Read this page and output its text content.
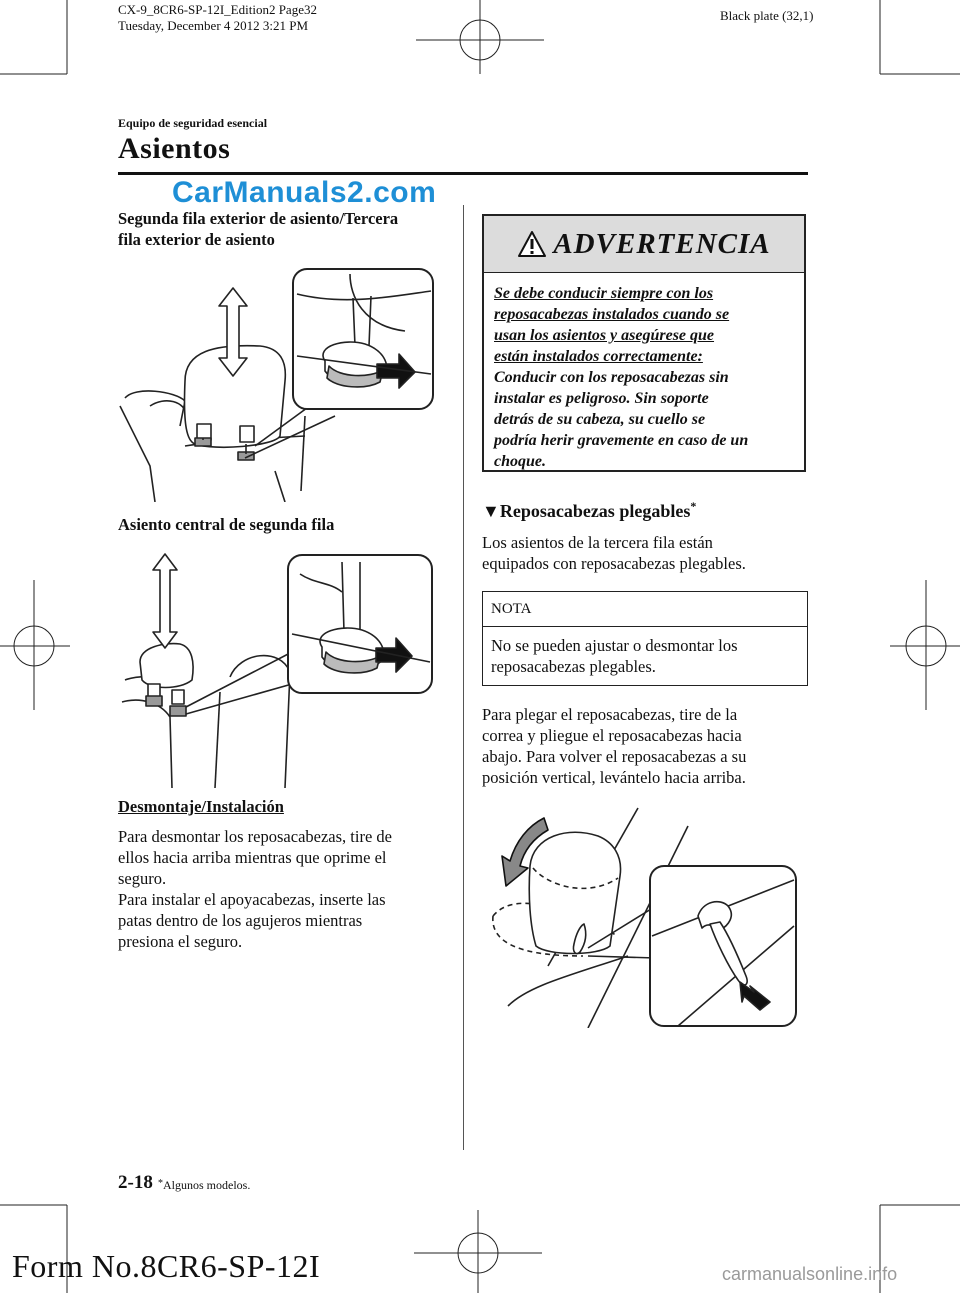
CX-9_8CR6-SP-12I_Edition2 Page32
Tuesday, December 4 2012 3:21 PM
Black plate (32,1)
Equipo de seguridad esencial
Asientos
CarManuals2.com
Segunda fila exterior de asiento/Tercera
fila exterior de asiento
Asiento central de segunda fila
Desmontaje/Instalación
Para desmontar los reposacabezas, tire de
ellos hacia arriba mientras que oprime el
seguro.
Para instalar el apoyacabezas, inserte las
patas dentro de los agujeros mientras
presiona el seguro.
ADVERTENCIA
Se debe conducir siempre con los
reposacabezas instalados cuando se
usan los asientos y asegúrese que
están instalados correctamente:
Conducir con los reposacabezas sin
instalar es peligroso. Sin soporte
detrás de su cabeza, su cuello se
podría herir gravemente en caso de un
choque.
▼Reposacabezas plegables*
Los asientos de la tercera fila están
equipados con reposacabezas plegables.
NOTA
No se pueden ajustar o desmontar los
reposacabezas plegables.
Para plegar el reposacabezas, tire de la
correa y pliegue el reposacabezas hacia
abajo. Para volver el reposacabezas a su
posición vertical, levántelo hacia arriba.
2-18 *Algunos modelos.
Form No.8CR6-SP-12I	carmanualsonline.info
